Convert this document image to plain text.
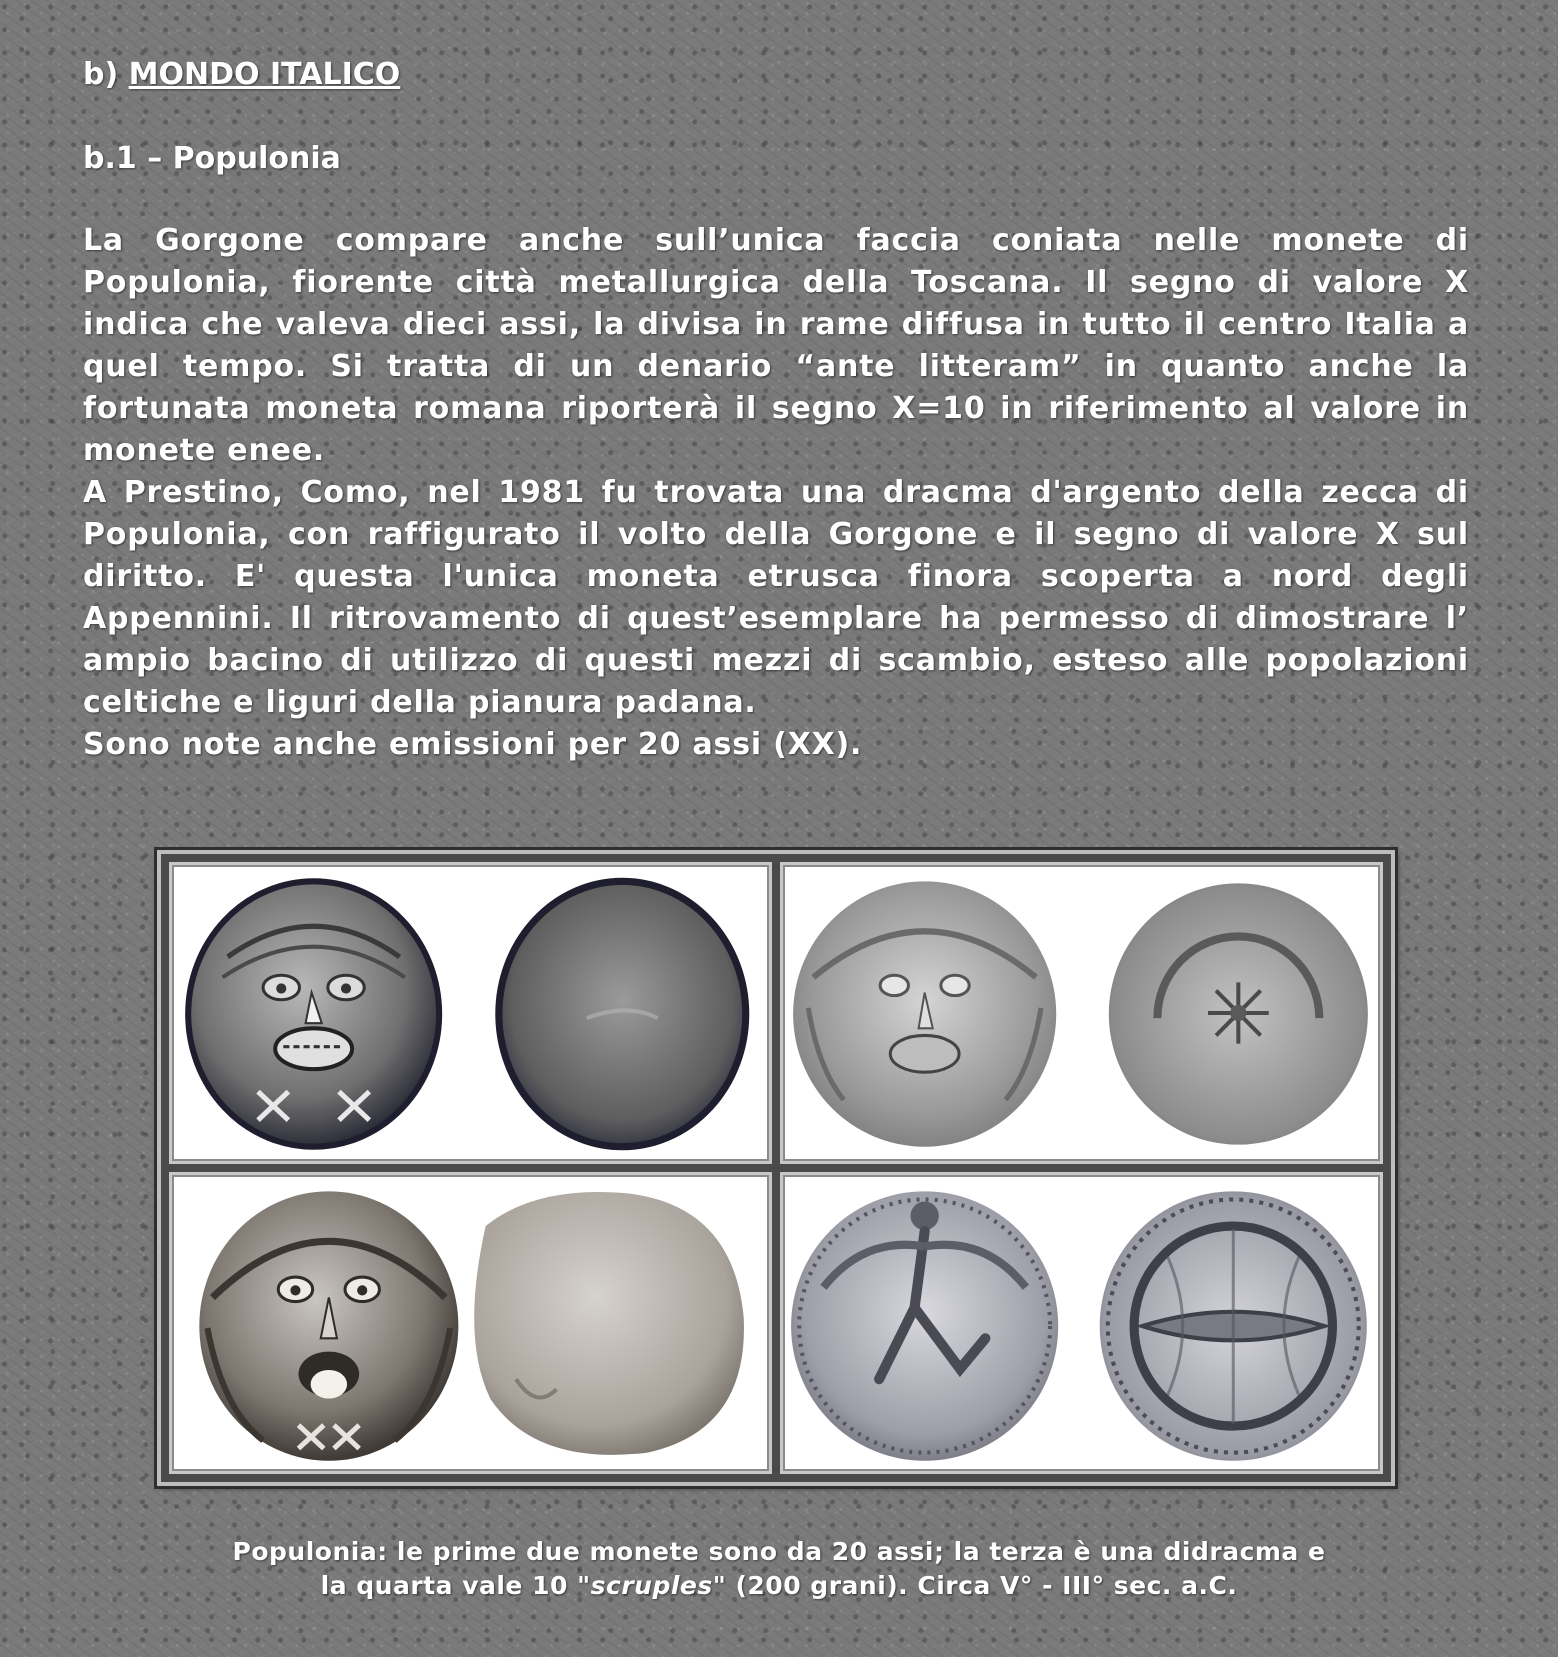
b) MONDO ITALICO
b.1 – Populonia

La Gorgone compare anche sull’unica faccia coniata nelle monete di Populonia, fiorente città metallurgica della Toscana. Il segno di valore X indica che valeva dieci assi, la divisa in rame diffusa in tutto il centro Italia a quel tempo. Si tratta di un denario “ante litteram” in quanto anche la fortunata moneta romana riporterà il segno X=10 in riferimento al valore in monete enee.

A Prestino, Como, nel 1981 fu trovata una dracma d'argento della zecca di Populonia, con raffigurato il volto della Gorgone e il segno di valore X sul diritto. E' questa l'unica moneta etrusca finora scoperta a nord degli Appennini. Il ritrovamento di quest’esemplare ha permesso di dimostrare l’ ampio bacino di utilizzo di questi mezzi di scambio, esteso alle popolazioni celtiche e liguri della pianura padana.

Sono note anche emissioni per 20 assi (XX).

Populonia: le prime due monete sono da 20 assi; la terza è una didracma e
la quarta vale 10 "scruples" (200 grani). Circa V° - III° sec. a.C.
